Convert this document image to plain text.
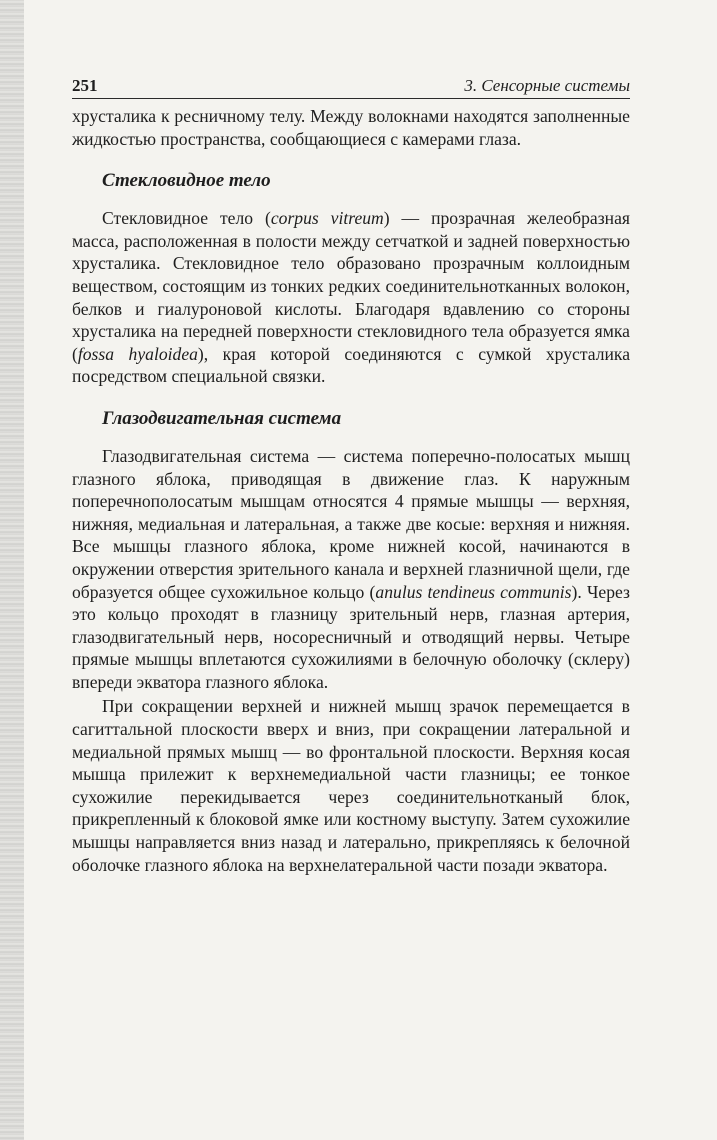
251	3. Сенсорные системы

хрусталика к ресничному телу. Между волокнами находятся заполненные жидкостью пространства, сообщающиеся с камерами глаза.

Стекловидное тело

Стекловидное тело (corpus vitreum) — прозрачная желеобразная масса, расположенная в полости между сетчаткой и задней поверхностью хрусталика. Стекловидное тело образовано прозрачным коллоидным веществом, состоящим из тонких редких соединительнотканных волокон, белков и гиалуроновой кислоты. Благодаря вдавлению со стороны хрусталика на передней поверхности стекловидного тела образуется ямка (fossa hyaloidea), края которой соединяются с сумкой хрусталика посредством специальной связки.

Глазодвигательная система

Глазодвигательная система — система поперечно-полосатых мышц глазного яблока, приводящая в движение глаз. К наружным поперечнополосатым мышцам относятся 4 прямые мышцы — верхняя, нижняя, медиальная и латеральная, а также две косые: верхняя и нижняя. Все мышцы глазного яблока, кроме нижней косой, начинаются в окружении отверстия зрительного канала и верхней глазничной щели, где образуется общее сухожильное кольцо (anulus tendineus communis). Через это кольцо проходят в глазницу зрительный нерв, глазная артерия, глазодвигательный нерв, носоресничный и отводящий нервы. Четыре прямые мышцы вплетаются сухожилиями в белочную оболочку (склеру) впереди экватора глазного яблока.

При сокращении верхней и нижней мышц зрачок перемещается в сагиттальной плоскости вверх и вниз, при сокращении латеральной и медиальной прямых мышц — во фронтальной плоскости. Верхняя косая мышца прилежит к верхнемедиальной части глазницы; ее тонкое сухожилие перекидывается через соединительнотканый блок, прикрепленный к блоковой ямке или костному выступу. Затем сухожилие мышцы направляется вниз назад и латерально, прикрепляясь к белочной оболочке глазного яблока на верхнелатеральной части позади экватора.
